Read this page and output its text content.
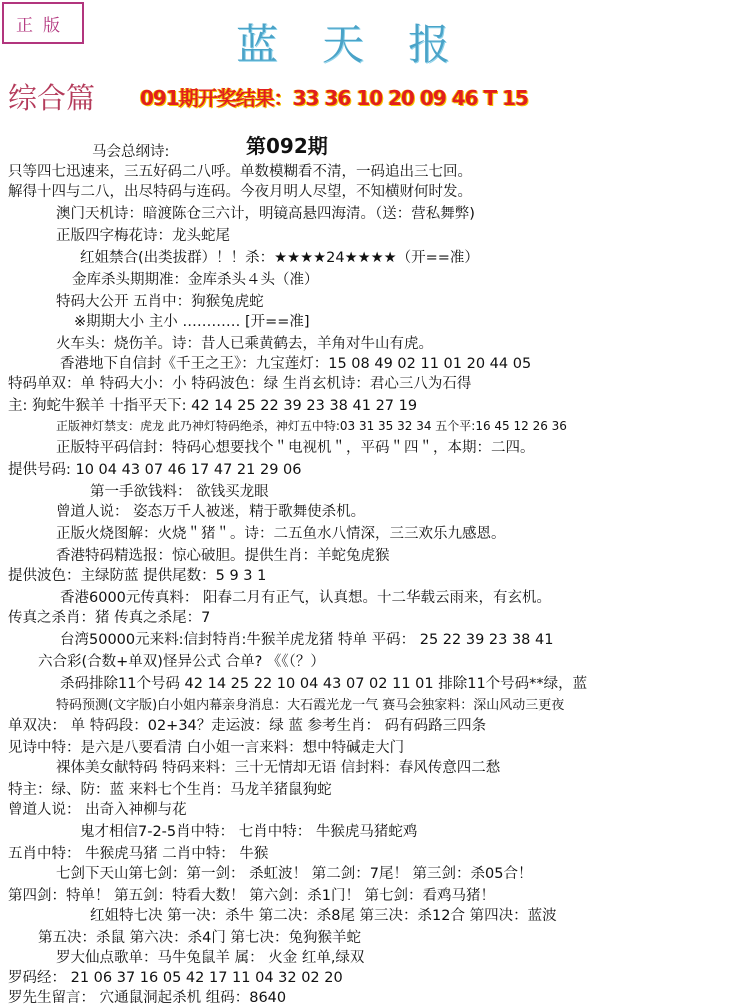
正版	蓝天报
综合篇 091期开奖结果：33 36 10 20 09 46 T 15
第092期
马会总纲诗:
只等四七迅速来，三五好码二八呼。单数模糊看不清，一码追出三七回。
解得十四与二八，出尽特码与连码。今夜月明人尽望，不知横财何时发。
澳门天机诗：暗渡陈仓三六计，明镜高悬四海清。（送：营私舞弊)
正版四字梅花诗：龙头蛇尾
红姐禁合(出类拔群）！！杀：★★★★24★★★★（开==准）
金库杀头期期准：金库杀头４头（准）
特码大公开 五肖中：狗猴兔虎蛇
※期期大小 主小 ………… [开==准]
火车头：烧伤羊。诗：昔人已乘黄鹤去，羊角对牛山有虎。
香港地下自信封《千王之王》：九宝莲灯：15 08 49 02 11 01 20 44 05
特码单双：单 特码大小：小 特码波色：绿 生肖玄机诗：君心三八为石得
主: 狗蛇牛猴羊 十指平天下: 42 14 25 22 39 23 38 41 27 19
正版神灯禁支：虎龙 此乃神灯特码绝杀，神灯五中特:03 31 35 32 34 五个平:16 45 12 26 36
正版特平码信封：特码心想要找个＂电视机＂，平码＂四＂，本期：二四。
提供号码: 10 04 43 07 46 17 47 21 29 06
第一手欲钱料： 欲钱买龙眼
曾道人说： 姿态万千人被迷，精于歌舞使杀机。
正版火烧图解：火烧＂猪＂。诗：二五鱼水八情深，三三欢乐九感恩。
香港特码精选报：惊心破胆。提供生肖：羊蛇兔虎猴
提供波色：主绿防蓝 提供尾数：5 9 3 1
香港6000元传真料： 阳春二月有正气，认真想。十二华载云雨来，有玄机。
传真之杀肖：猪 传真之杀尾：7
台湾50000元来料:信封特肖:牛猴羊虎龙猪 特单 平码： 25 22 39 23 38 41
六合彩(合数+单双)怪异公式 合单? 《《（？）
杀码排除11个号码 42 14 25 22 10 04 43 07 02 11 01 排除11个号码**绿，蓝
特码预测(文字版)白小姐内幕亲身消息：大石霞光龙一气 赛马会独家料：深山风动三更夜
单双决： 单 特码段：02+34？走运波：绿 蓝 参考生肖： 码有码路三四条
见诗中特：是六是八要看清 白小姐一言来料：想中特碱走大门
裸体美女献特码 特码来料：三十无情却无语 信封料：春风传意四二愁
特主：绿、防：蓝 来料七个生肖：马龙羊猪鼠狗蛇
曾道人说： 出奇入神柳与花
鬼才相信7-2-5肖中特： 七肖中特： 牛猴虎马猪蛇鸡
五肖中特： 牛猴虎马猪 二肖中特： 牛猴
七剑下天山第七剑：第一剑： 杀虹波！ 第二剑：7尾！ 第三剑：杀05合！
第四剑：特单！ 第五剑：特看大数！ 第六剑：杀1门！ 第七剑：看鸡马猪！
红姐特七决 第一决：杀牛 第二决：杀8尾 第三决：杀12合 第四决：蓝波
第五决：杀鼠 第六决：杀4门 第七决：兔狗猴羊蛇
罗大仙点歌单：马牛兔鼠羊 属： 火金 红单,绿双
罗码经： 21 06 37 16 05 42 17 11 04 32 02 20
罗先生留言： 穴通鼠洞起杀机 组码：8640
